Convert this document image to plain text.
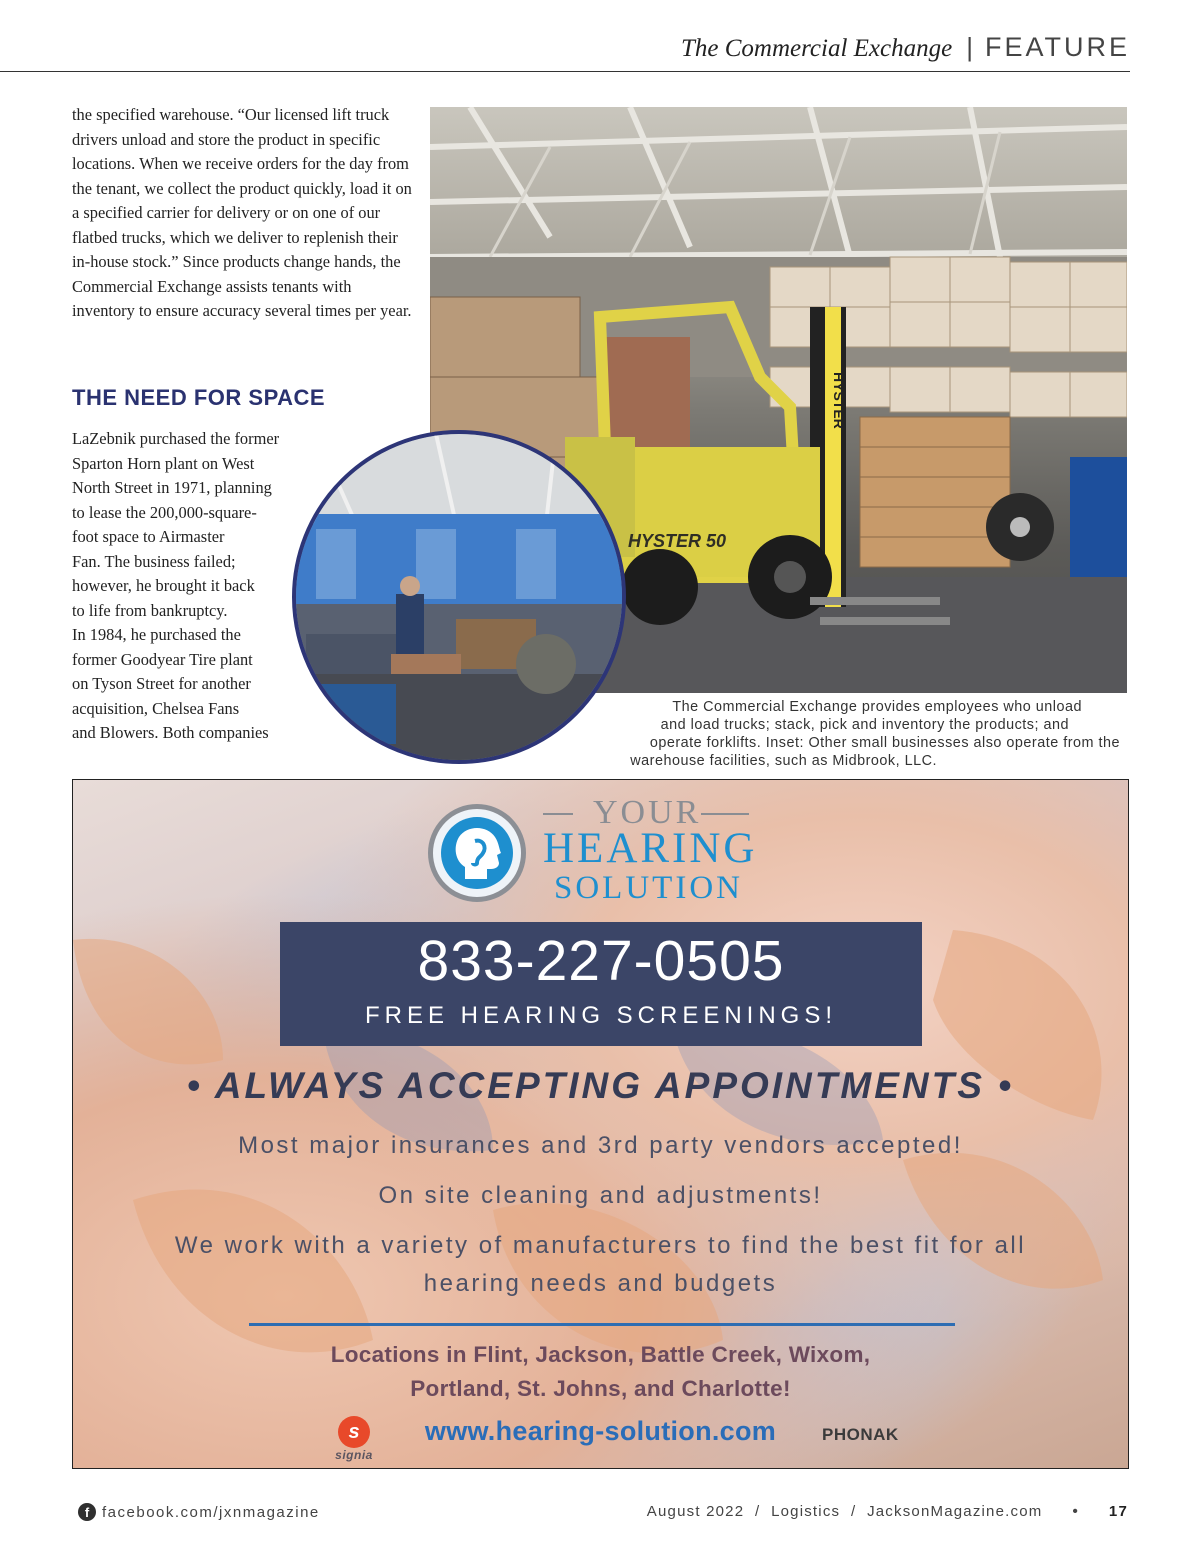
The Commercial Exchange | FEATURE

the specified warehouse. “Our licensed lift truck drivers unload and store the product in specific locations. When we receive orders for the day from the tenant, we collect the product quickly, load it on a specified carrier for delivery or on one of our flatbed trucks, which we deliver to replenish their in-house stock.” Since products change hands, the Commercial Exchange assists tenants with inventory to ensure accuracy several times per year.

THE NEED FOR SPACE

LaZebnik purchased the former
Sparton Horn plant on West
North Street in 1971, planning
to lease the 200,000-square-
foot space to Airmaster
Fan. The business failed;
however, he brought it back
to life from bankruptcy.
In 1984, he purchased the
former Goodyear Tire plant
on Tyson Street for another
acquisition, Chelsea Fans
and Blowers. Both companies

HYSTER
HYSTER 50
The Commercial Exchange provides employees who unload
and load trucks; stack, pick and inventory the products; and
operate forklifts. Inset: Other small businesses also operate from the
warehouse facilities, such as Midbrook, LLC.
YOUR
HEARING
SOLUTION
833-227-0505
FREE HEARING SCREENINGS!
• ALWAYS ACCEPTING APPOINTMENTS •
Most major insurances and 3rd party vendors accepted!
On site cleaning and adjustments!
We work with a variety of manufacturers to find the best fit for all
hearing needs and budgets
Locations in Flint, Jackson, Battle Creek, Wixom,
Portland, St. Johns, and Charlotte!
s
signia
www.hearing-solution.com	PHONAK
f facebook.com/jxnmagazine	August 2022  /  Logistics  /  JacksonMagazine.com • 17
